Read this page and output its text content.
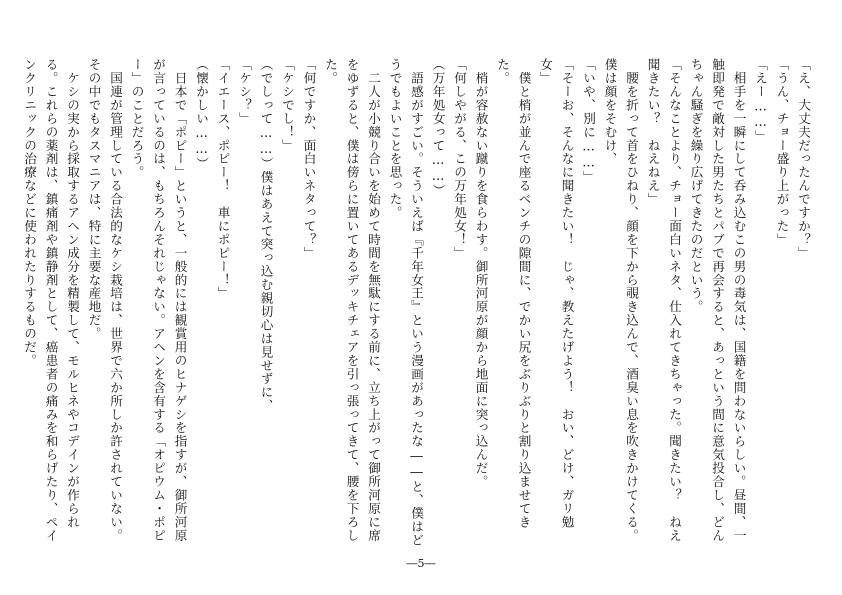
「え、大丈夫だったんですか？」

「うん、チョー盛り上がった」

「えー……」

　相手を一瞬にして呑み込むこの男の毒気は、国籍を問わないらしい。昼間、一触即発で敵対した男たちとパブで再会すると、あっという間に意気投合し、どんちゃん騒ぎを繰り広げてきたのだという。

「そんなことより、チョー面白いネタ、仕入れてきちゃった。聞きたい？　ねえ聞きたい？　ねえねえ」

　腰を折って首をひねり、顔を下から覗き込んで、酒臭い息を吹きかけてくる。僕は顔をそむけ、

「いや、別に……」

「そーお、そんなに聞きたい！　じゃ、教えたげよう！　おい、どけ、ガリ勉女」

　僕と梢が並んで座るベンチの隙間に、でかい尻をぶりぶりと割り込ませてきた。

　梢が容赦ない蹴りを食らわす。御所河原が顔から地面に突っ込んだ。

「何しやがる、この万年処女！」

（万年処女って……）

　語感がすごい。そういえば『千年女王』という漫画があったな――と、僕はどうでもよいことを思った。

　二人が小競り合いを始めて時間を無駄にする前に、立ち上がって御所河原に席をゆずると、僕は傍らに置いてあるデッキチェアを引っ張ってきて、腰を下ろした。

「何ですか、面白いネタって？」

「ケシでし！」

（でしって……）僕はあえて突っ込む親切心は見せずに、

「ケシ？」

「イエース、ポピー！　車にポピー！」

（懐かしい……）

　日本で「ポピー」というと、一般的には観賞用のヒナゲシを指すが、御所河原が言っているのは、もちろんそれじゃない。アヘンを含有する「オピウム・ポピー」のことだろう。

　国連が管理している合法的なケシ栽培は、世界で六か所しか許されていない。その中でもタスマニアは、特に主要な産地だ。

　ケシの実から採取するアヘン成分を精製して、モルヒネやコデインが作られる。これらの薬剤は、鎮痛剤や鎮静剤として、癌患者の痛みを和らげたり、ペインクリニックの治療などに使われたりするものだ。

―5―
